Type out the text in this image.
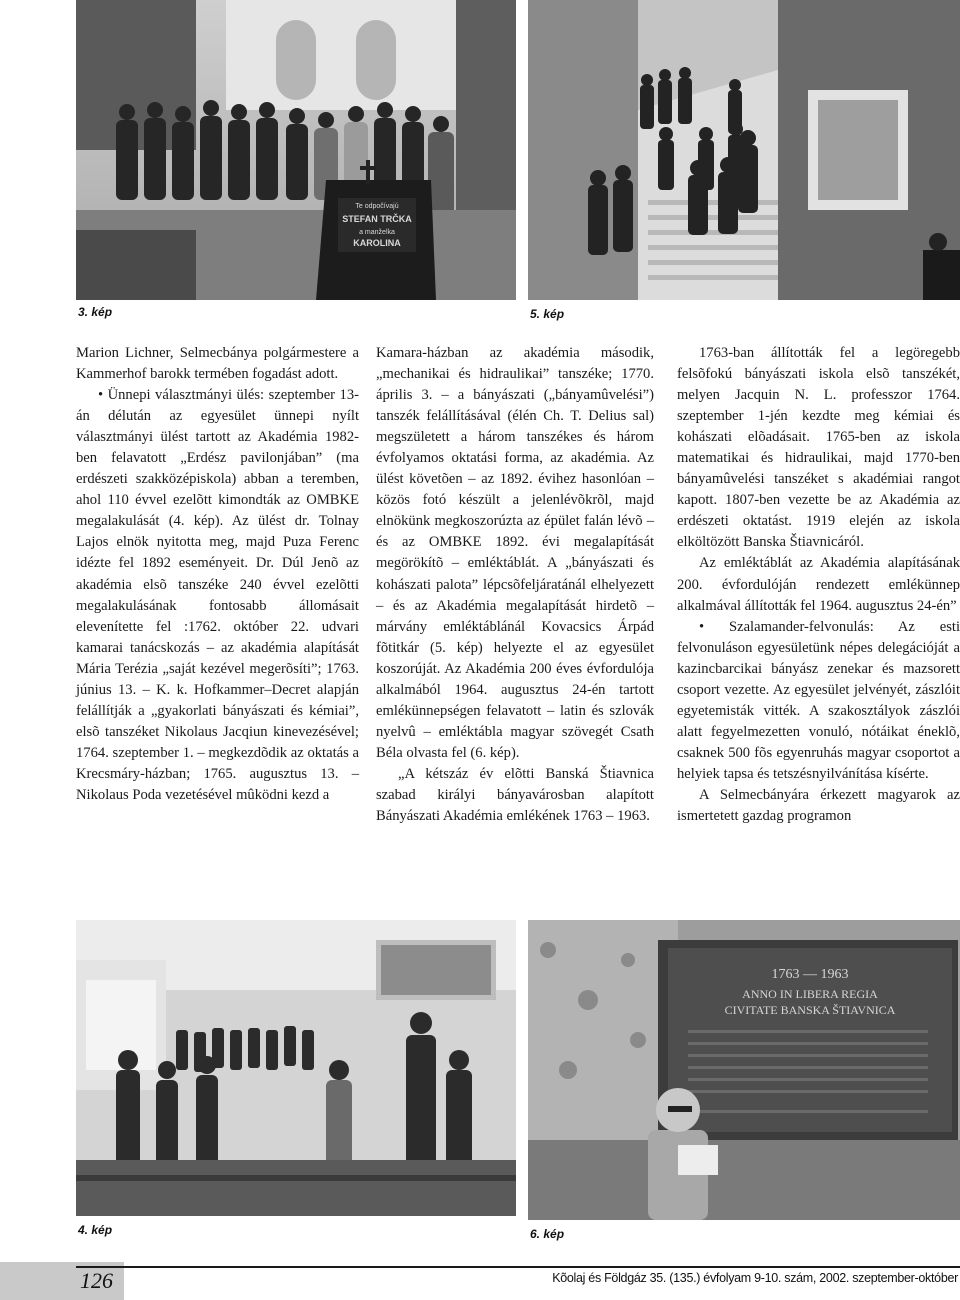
Te odpočívajú
STEFAN TRČKA
a manželka
KAROLINA
3. kép	5. kép

Marion Lichner, Selmecbánya polgármestere a Kammerhof barokk termében fogadást adott.

• Ünnepi választmányi ülés: szeptember 13-án délután az egyesület ünnepi nyílt választmányi ülést tartott az Akadémia 1982-ben felavatott „Erdész pavilonjában” (ma erdészeti szakközépiskola) abban a teremben, ahol 110 évvel ezelõtt kimondták az OMBKE megalakulását (4. kép). Az ülést dr. Tolnay Lajos elnök nyitotta meg, majd Puza Ferenc idézte fel 1892 eseményeit. Dr. Dúl Jenõ az akadémia elsõ tanszéke 240 évvel ezelõtti megalakulásának fontosabb állomásait elevenítette fel :1762. október 22. udvari kamarai tanácskozás – az akadémia alapítását Mária Terézia „saját kezével megerõsíti”; 1763. június 13. – K. k. Hofkammer–Decret alapján felállítják a „gyakorlati bányászati és kémiai”, elsõ tanszéket Nikolaus Jacqiun kinevezésével; 1764. szeptember 1. – megkezdõdik az oktatás a Krecsmáry-házban; 1765. augusztus 13. – Nikolaus Poda vezetésével mûködni kezd a

Kamara-házban az akadémia második, „mechanikai és hidraulikai” tanszéke; 1770. április 3. – a bányászati („bányamûvelési”) tanszék felállításával (élén Ch. T. Delius sal) megszületett a három tanszékes és három évfolyamos oktatási forma, az akadémia. Az ülést követõen – az 1892. évihez hasonlóan – közös fotó készült a jelenlévõkrõl, majd elnökünk megkoszorúzta az épület falán lévõ – és az OMBKE 1892. évi megalapítását megörökítõ – emléktáblát. A „bányászati és kohászati palota” lépcsõfeljáratánál elhelyezett – és az Akadémia megalapítását hirdetõ – márvány emléktáblánál Kovacsics Árpád fõtitkár (5. kép) helyezte el az egyesület koszorúját. Az Akadémia 200 éves évfordulója alkalmából 1964. augusztus 24-én tartott emlékünnepségen felavatott – latin és szlovák nyelvû – emléktábla magyar szövegét Csath Béla olvasta fel (6. kép).

„A kétszáz év elõtti Banská Štiavnica szabad királyi bányavárosban alapított Bányászati Akadémia emlékének 1763 – 1963.

1763-ban állították fel a legöregebb felsõfokú bányászati iskola elsõ tanszékét, melyen Jacquin N. L. professzor 1764. szeptember 1-jén kezdte meg kémiai és kohászati elõadásait. 1765-ben az iskola matematikai és hidraulikai, majd 1770-ben bányamûvelési tanszéket s akadémiai rangot kapott. 1807-ben vezette be az Akadémia az erdészeti oktatást. 1919 elején az iskola elköltözött Banska Štiavnicáról.

Az emléktáblát az Akadémia alapításának 200. évfordulóján rendezett emlékünnep alkalmával állították fel 1964. augusztus 24-én”

• Szalamander-felvonulás: Az esti felvonuláson egyesületünk népes delegációját a kazincbarcikai bányász zenekar és mazsorett csoport vezette. Az egyesület jelvényét, zászlóit egyetemisták vitték. A szakosztályok zászlói alatt fegyelmezetten vonuló, nótáikat éneklõ, csaknek 500 fõs egyenruhás magyar csoportot a helyiek tapsa és tetszésnyilvánítása kísérte.

A Selmecbányára érkezett magyarok az ismertetett gazdag programon

4. kép
1763 — 1963
ANNO IN LIBERA REGIA
CIVITATE BANSKA ŠTIAVNICA
6. kép
126	Kõolaj és Földgáz 35. (135.) évfolyam 9-10. szám, 2002. szeptember-október
